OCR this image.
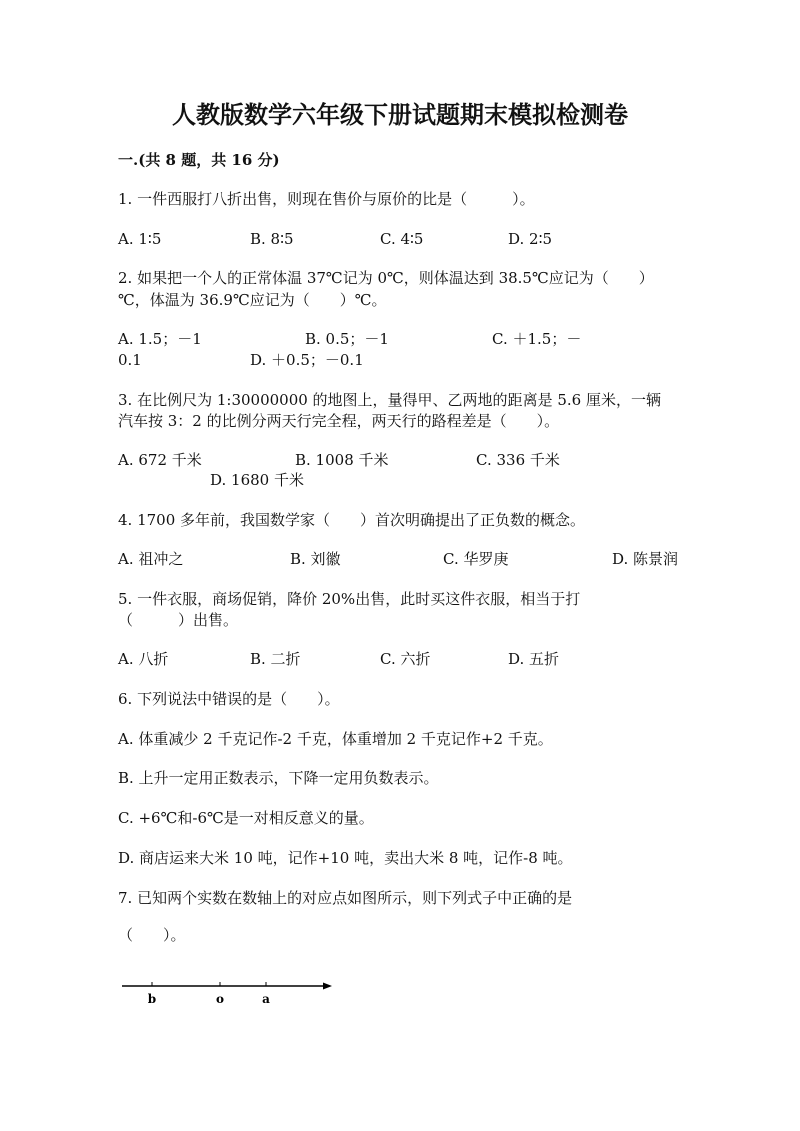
人教版数学六年级下册试题期末模拟检测卷
一.(共 8 题，共 16 分)
1. 一件西服打八折出售，则现在售价与原价的比是（　　　）。
A. 1∶5	B. 8∶5	C. 4∶5	D. 2∶5
2. 如果把一个人的正常体温 37℃记为 0℃，则体温达到 38.5℃应记为（　　）
℃，体温为 36.9℃应记为（　　）℃。
A. 1.5；－1	B. 0.5；－1	C. ＋1.5；－
0.1	D. ＋0.5；－0.1
3. 在比例尺为 1:30000000 的地图上，量得甲、乙两地的距离是 5.6 厘米，一辆
汽车按 3：2 的比例分两天行完全程，两天行的路程差是（　　）。
A. 672 千米	B. 1008 千米	C. 336 千米
D. 1680 千米
4. 1700 多年前，我国数学家（　　）首次明确提出了正负数的概念。
A. 祖冲之	B. 刘徽	C. 华罗庚	D. 陈景润
5. 一件衣服，商场促销，降价 20%出售，此时买这件衣服，相当于打
（　　　）出售。
A. 八折	B. 二折	C. 六折	D. 五折
6. 下列说法中错误的是（　　）。
A. 体重减少 2 千克记作-2 千克，体重增加 2 千克记作+2 千克。
B. 上升一定用正数表示，下降一定用负数表示。
C. +6℃和-6℃是一对相反意义的量。
D. 商店运来大米 10 吨，记作+10 吨，卖出大米 8 吨，记作-8 吨。
7. 已知两个实数在数轴上的对应点如图所示，则下列式子中正确的是
（　　）。
b	o	a
